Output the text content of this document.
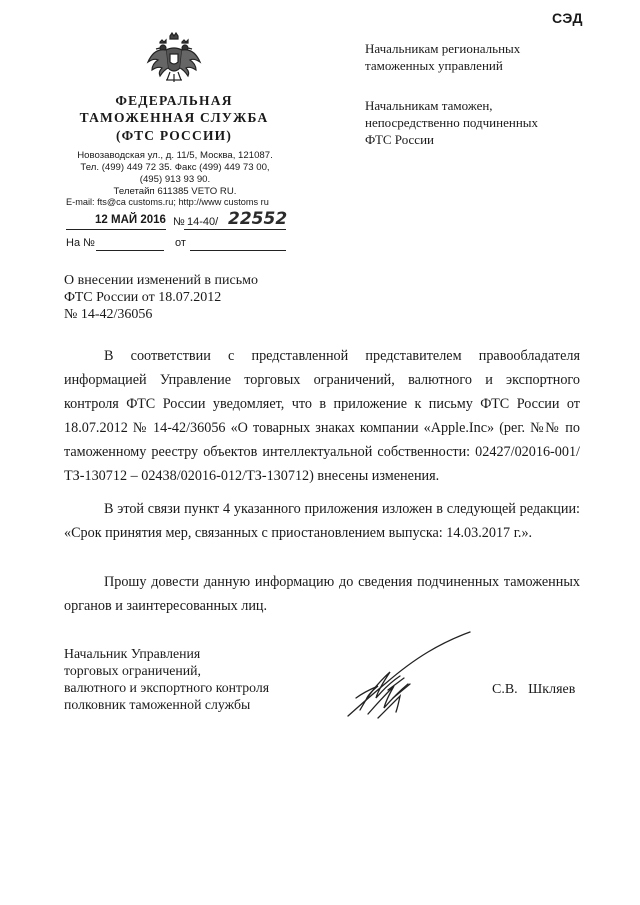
СЭД
ФЕДЕРАЛЬНАЯ
ТАМОЖЕННАЯ СЛУЖБА
(ФТС РОССИИ)
Новозаводская ул., д. 11/5, Москва, 121087.
Тел. (499) 449 72 35. Факс (499) 449 73 00,
(495) 913 93 90.
Телетайп 611385 VETO RU.
E-mail: fts@ca customs.ru; http://www customs ru
12 МАЙ 2016 № 14-40/ 22552
На №	от
Начальникам региональных
таможенных управлений
Начальникам таможен,
непосредственно подчиненных
ФТС России
О внесении изменений в письмо
ФТС России от 18.07.2012
№ 14-42/36056
В соответствии с представленной представителем правообладателя информацией Управление торговых ограничений, валютного и экспортного контроля ФТС России уведомляет, что в приложение к письму ФТС России от 18.07.2012 № 14-42/36056 «О товарных знаках компании «Apple.Inc» (рег. №№ по таможенному реестру объектов интеллектуальной собственности: 02427/02016-001/ТЗ-130712 – 02438/02016-012/ТЗ-130712) внесены изменения.
В этой связи пункт 4 указанного приложения изложен в следующей редакции: «Срок принятия мер, связанных с приостановлением выпуска: 14.03.2017 г.».
Прошу довести данную информацию до сведения подчиненных таможенных органов и заинтересованных лиц.
Начальник Управления
торговых ограничений,
валютного и экспортного контроля
полковник таможенной службы
С.В.   Шкляев
